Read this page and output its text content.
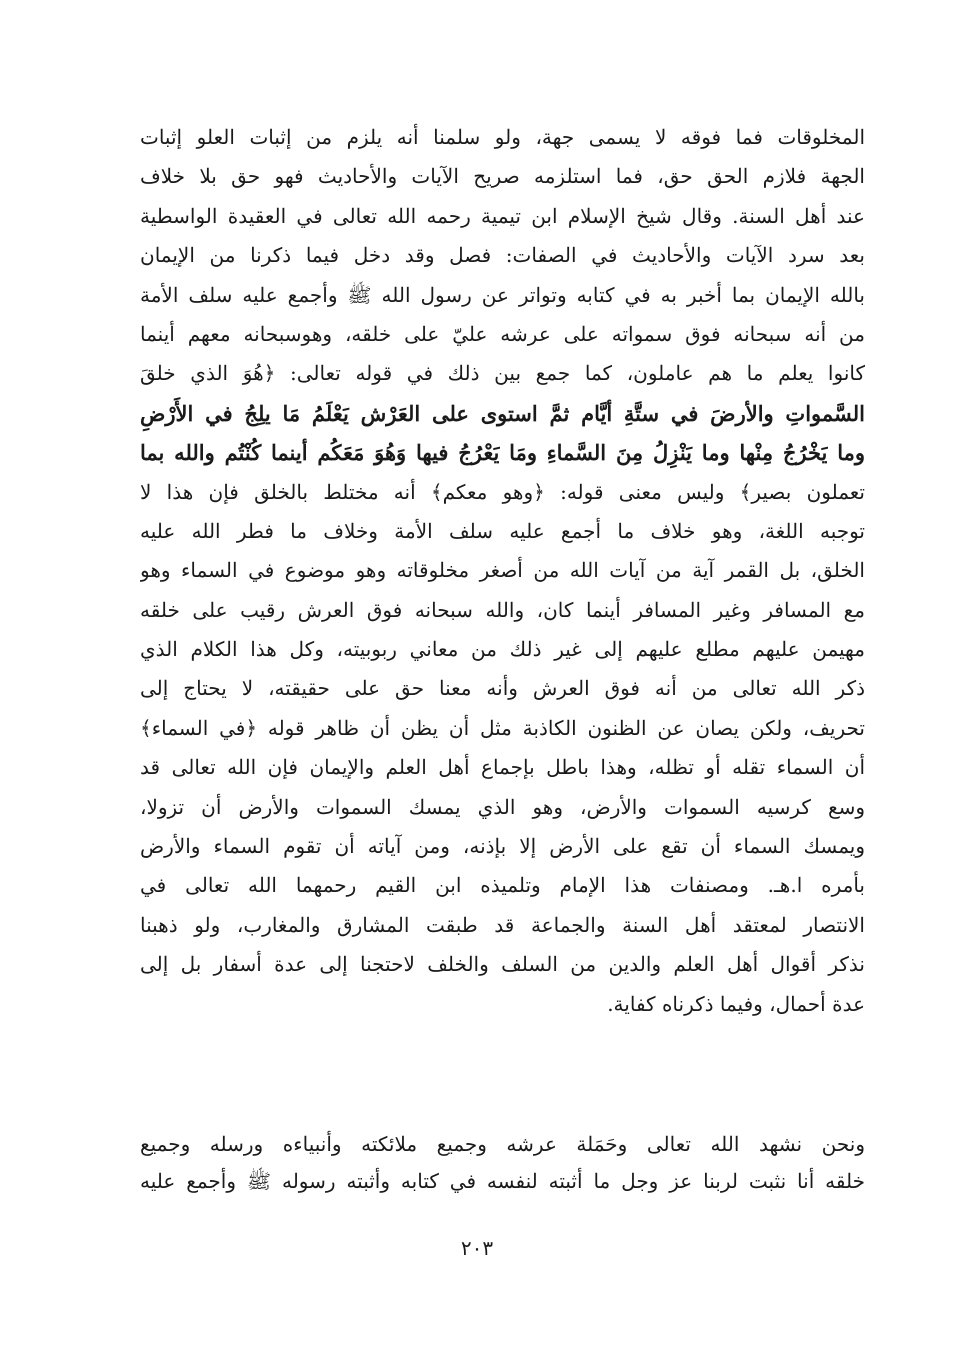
المخلوقات فما فوقه لا يسمى جهة، ولو سلمنا أنه يلزم من إثبات العلو إثبات
الجهة فلازم الحق حق، فما استلزمه صريح الآيات والأحاديث فهو حق بلا خلاف
عند أهل السنة. وقال شيخ الإسلام ابن تيمية رحمه الله تعالى في العقيدة الواسطية
بعد سرد الآيات والأحاديث في الصفات: فصل وقد دخل فيما ذكرنا من الإيمان
بالله الإيمان بما أخبر به في كتابه وتواتر عن رسول الله ﷺ وأجمع عليه سلف الأمة
من أنه سبحانه فوق سمواته على عرشه عليّ على خلقه، وهوسبحانه معهم أينما
كانوا يعلم ما هم عاملون، كما جمع بين ذلك في قوله تعالى: ﴿هُوَ الذي خلقَ
السَّمواتِ والأرضَ في ستَّةِ أيَّام ثمَّ استوى على العَرْش يَعْلَمُ مَا يلِجُ في الأَرْضِ
وما يَخْرُجُ مِنْها وما يَنْزِلُ مِنَ السَّماءِ ومَا يَعْرُجُ فيها وَهُوَ مَعَكُم أينما كُنْتُم والله بما
تعملون بصير﴾ وليس معنى قوله: ﴿وهو معكم﴾ أنه مختلط بالخلق فإن هذا لا
توجبه اللغة، وهو خلاف ما أجمع عليه سلف الأمة وخلاف ما فطر الله عليه
الخلق، بل القمر آية من آيات الله من أصغر مخلوقاته وهو موضوع في السماء وهو
مع المسافر وغير المسافر أينما كان، والله سبحانه فوق العرش رقيب على خلقه
مهيمن عليهم مطلع عليهم إلى غير ذلك من معاني ربوبيته، وكل هذا الكلام الذي
ذكر الله تعالى من أنه فوق العرش وأنه معنا حق على حقيقته، لا يحتاج إلى
تحريف، ولكن يصان عن الظنون الكاذبة مثل أن يظن أن ظاهر قوله ﴿في السماء﴾
أن السماء تقله أو تظله، وهذا باطل بإجماع أهل العلم والإيمان فإن الله تعالى قد
وسع كرسيه السموات والأرض، وهو الذي يمسك السموات والأرض أن تزولا،
ويمسك السماء أن تقع على الأرض إلا بإذنه، ومن آياته أن تقوم السماء والأرض
بأمره ا.هـ. ومصنفات هذا الإمام وتلميذه ابن القيم رحمهما الله تعالى في
الانتصار لمعتقد أهل السنة والجماعة قد طبقت المشارق والمغارب، ولو ذهبنا
نذكر أقوال أهل العلم والدين من السلف والخلف لاحتجنا إلى عدة أسفار بل إلى
عدة أحمال، وفيما ذكرناه كفاية.
ونحن نشهد الله تعالى وحَمَلة عرشه وجميع ملائكته وأنبياءه ورسله وجميع
خلقه أنا نثبت لربنا عز وجل ما أثبته لنفسه في كتابه وأثبته رسوله ﷺ وأجمع عليه
٢٠٣
